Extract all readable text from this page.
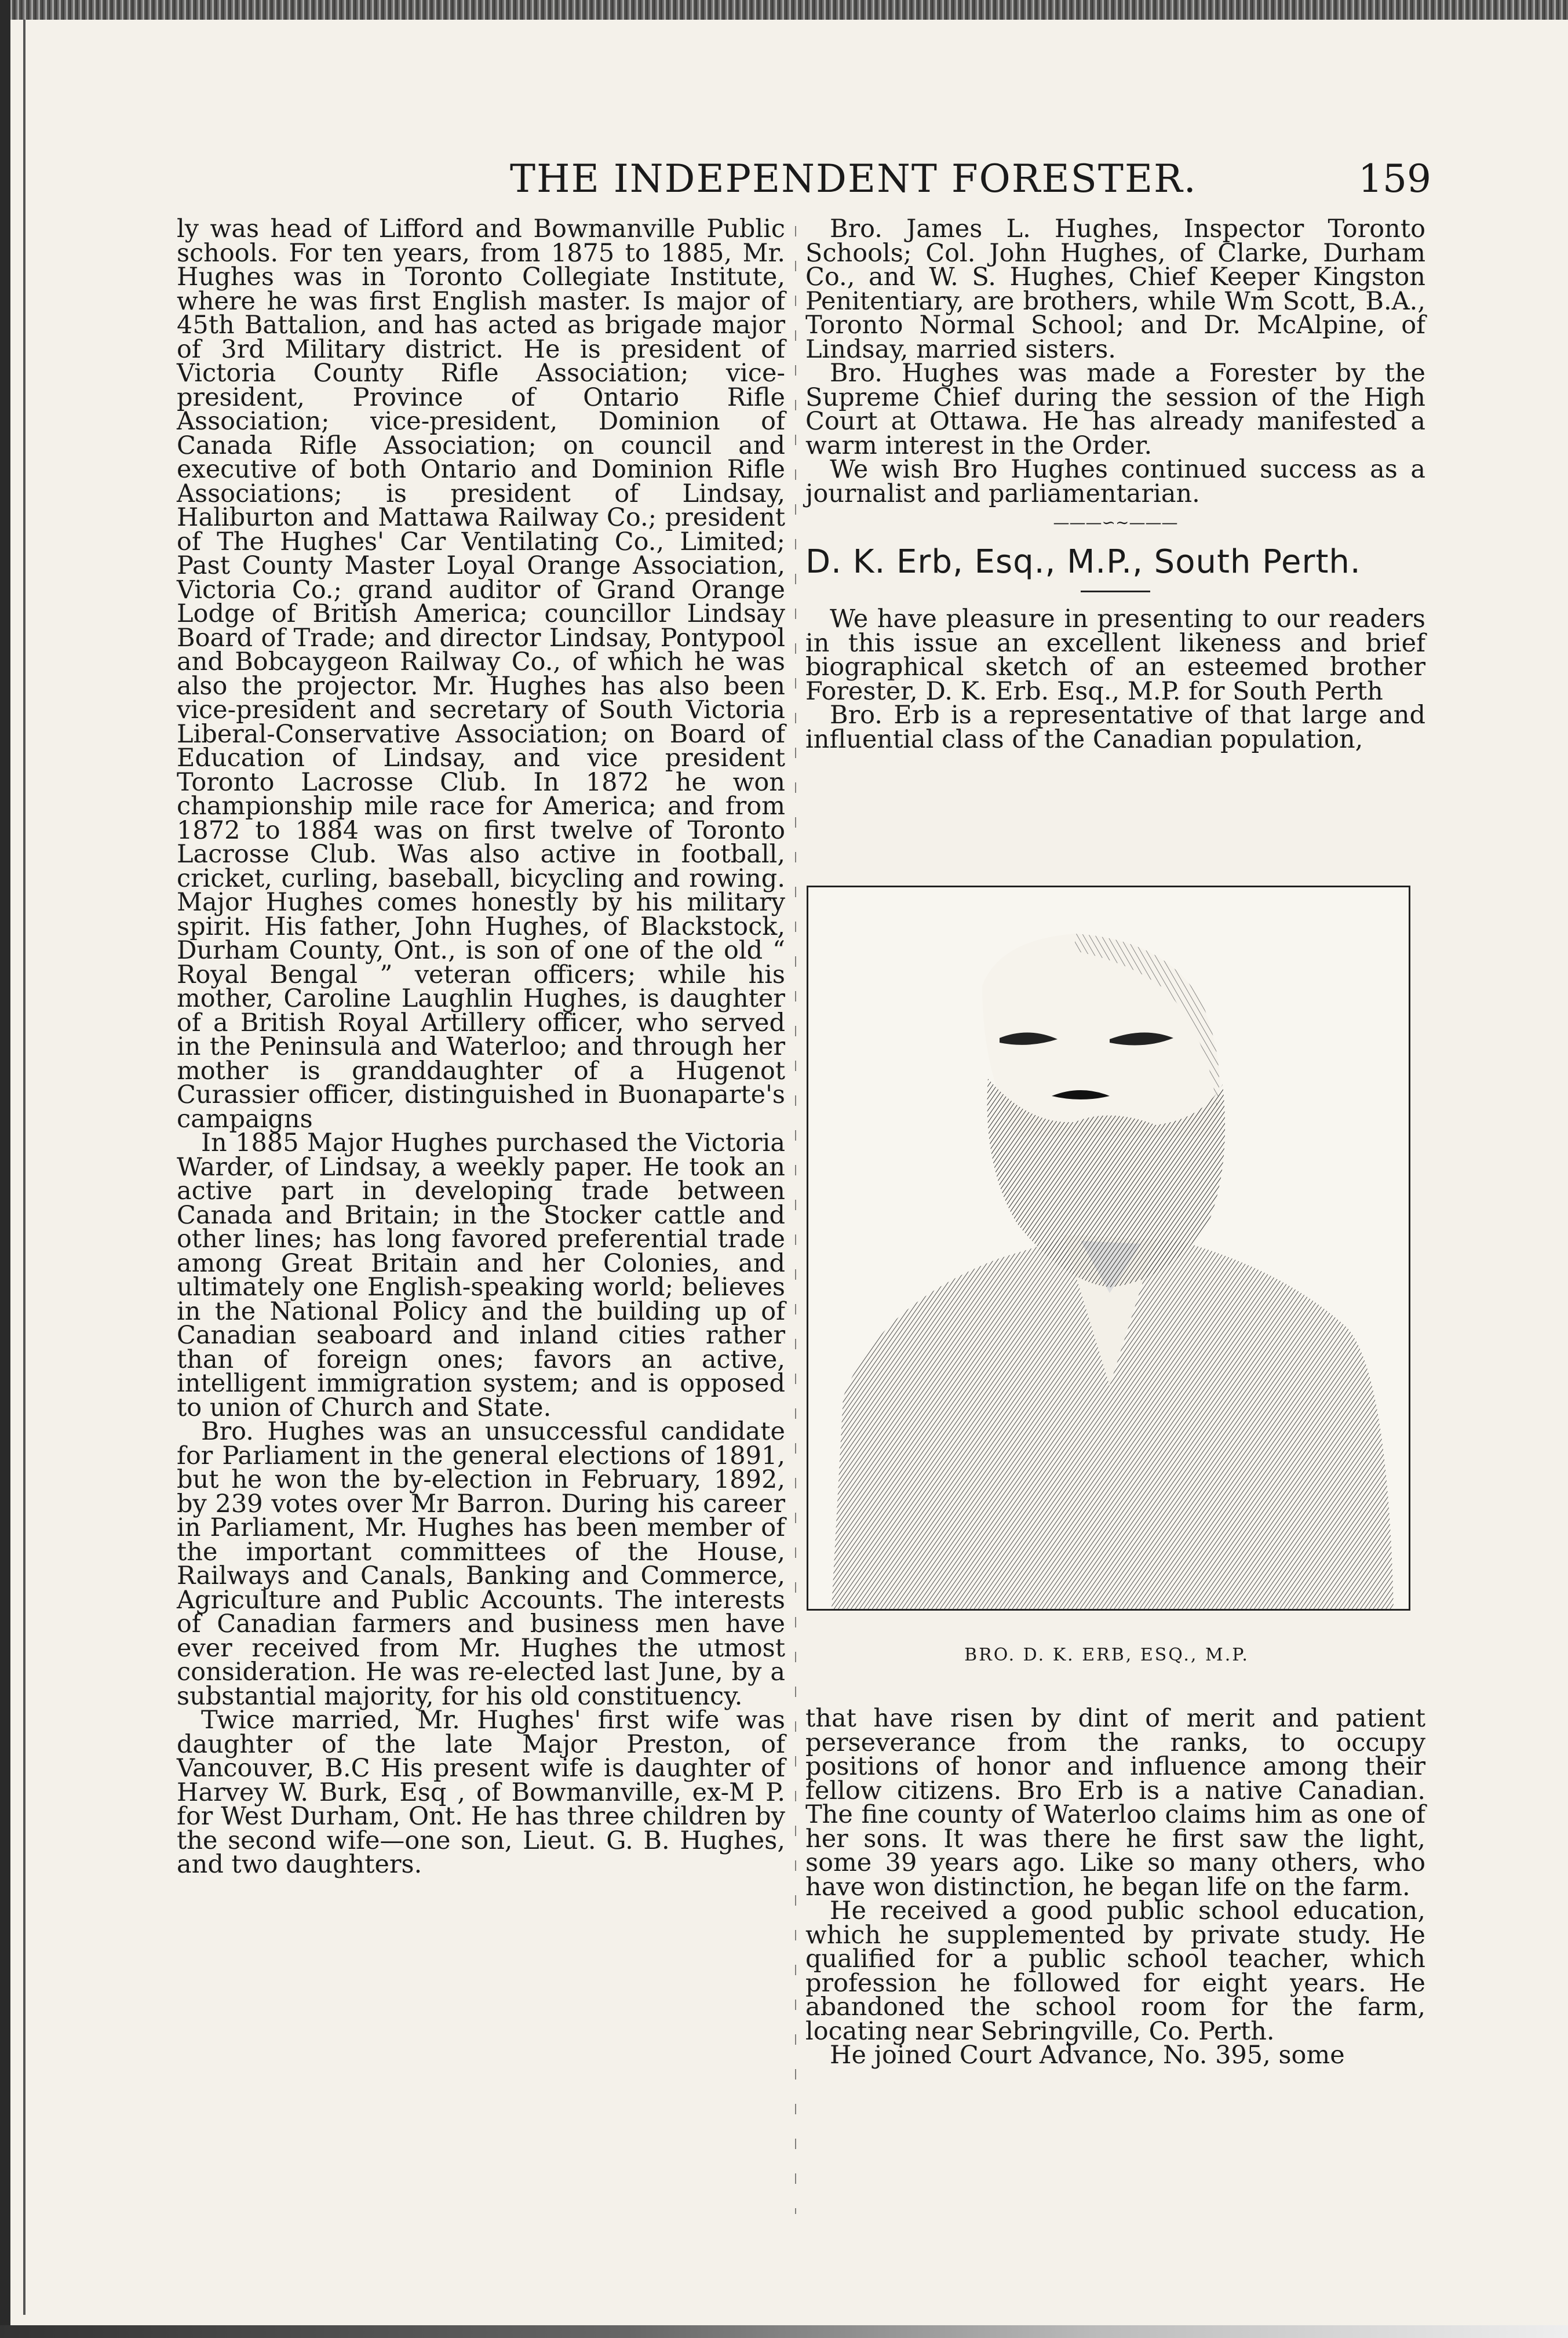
THE INDEPENDENT FORESTER.	159

ly was head of Lifford and Bowmanville Public schools. For ten years, from 1875 to 1885, Mr. Hughes was in Toronto Collegiate Institute, where he was first English master. Is major of 45th Battalion, and has acted as brigade major of 3rd Military district. He is president of Victoria County Rifle Association; vice-president, Province of Ontario Rifle Association; vice-president, Dominion of Canada Rifle Association; on council and executive of both Ontario and Dominion Rifle Associations; is president of Lindsay, Haliburton and Mattawa Railway Co.; president of The Hughes' Car Ventilating Co., Limited; Past County Master Loyal Orange Association, Victoria Co.; grand auditor of Grand Orange Lodge of British America; councillor Lindsay Board of Trade; and director Lindsay, Pontypool and Bobcaygeon Railway Co., of which he was also the projector. Mr. Hughes has also been vice-president and secretary of South Victoria Liberal-Conservative Association; on Board of Education of Lindsay, and vice president Toronto Lacrosse Club. In 1872 he won championship mile race for America; and from 1872 to 1884 was on first twelve of Toronto Lacrosse Club. Was also active in football, cricket, curling, baseball, bicycling and rowing. Major Hughes comes honestly by his military spirit. His father, John Hughes, of Blackstock, Durham County, Ont., is son of one of the old “ Royal Bengal ” veteran officers; while his mother, Caroline Laughlin Hughes, is daughter of a British Royal Artillery officer, who served in the Peninsula and Waterloo; and through her mother is granddaughter of a Hugenot Curassier officer, distinguished in Buonaparte's campaigns

In 1885 Major Hughes purchased the Victoria Warder, of Lindsay, a weekly paper. He took an active part in developing trade between Canada and Britain; in the Stocker cattle and other lines; has long favored preferential trade among Great Britain and her Colonies, and ultimately one English-speaking world; believes in the National Policy and the building up of Canadian seaboard and inland cities rather than of foreign ones; favors an active, intelligent immigration system; and is opposed to union of Church and State.

Bro. Hughes was an unsuccessful candidate for Parliament in the general elections of 1891, but he won the by-election in February, 1892, by 239 votes over Mr Barron. During his career in Parliament, Mr. Hughes has been member of the important committees of the House, Railways and Canals, Banking and Commerce, Agriculture and Public Accounts. The interests of Canadian farmers and business men have ever received from Mr. Hughes the utmost consideration. He was re-elected last June, by a substantial majority, for his old constituency.

Twice married, Mr. Hughes' first wife was daughter of the late Major Preston, of Vancouver, B.C His present wife is daughter of Harvey W. Burk, Esq , of Bowmanville, ex-M P. for West Durham, Ont. He has three children by the second wife—one son, Lieut. G. B. Hughes, and two daughters.

Bro. James L. Hughes, Inspector Toronto Schools; Col. John Hughes, of Clarke, Durham Co., and W. S. Hughes, Chief Keeper Kingston Penitentiary, are brothers, while Wm Scott, B.A., Toronto Normal School; and Dr. McAlpine, of Lindsay, married sisters.

Bro. Hughes was made a Forester by the Supreme Chief during the session of the High Court at Ottawa. He has already manifested a warm interest in the Order.

We wish Bro Hughes continued success as a journalist and parliamentarian.

———∽∼———
D. K. Erb, Esq., M.P., South Perth.

We have pleasure in presenting to our readers in this issue an excellent likeness and brief biographical sketch of an esteemed brother Forester, D. K. Erb. Esq., M.P. for South Perth

Bro. Erb is a representative of that large and influential class of the Canadian population,

BRO. D. K. ERB, ESQ., M.P.

that have risen by dint of merit and patient perseverance from the ranks, to occupy positions of honor and influence among their fellow citizens. Bro Erb is a native Canadian. The fine county of Waterloo claims him as one of her sons. It was there he first saw the light, some 39 years ago. Like so many others, who have won distinction, he began life on the farm.

He received a good public school education, which he supplemented by private study. He qualified for a public school teacher, which profession he followed for eight years. He abandoned the school room for the farm, locating near Sebringville, Co. Perth.

He joined Court Advance, No. 395, some
